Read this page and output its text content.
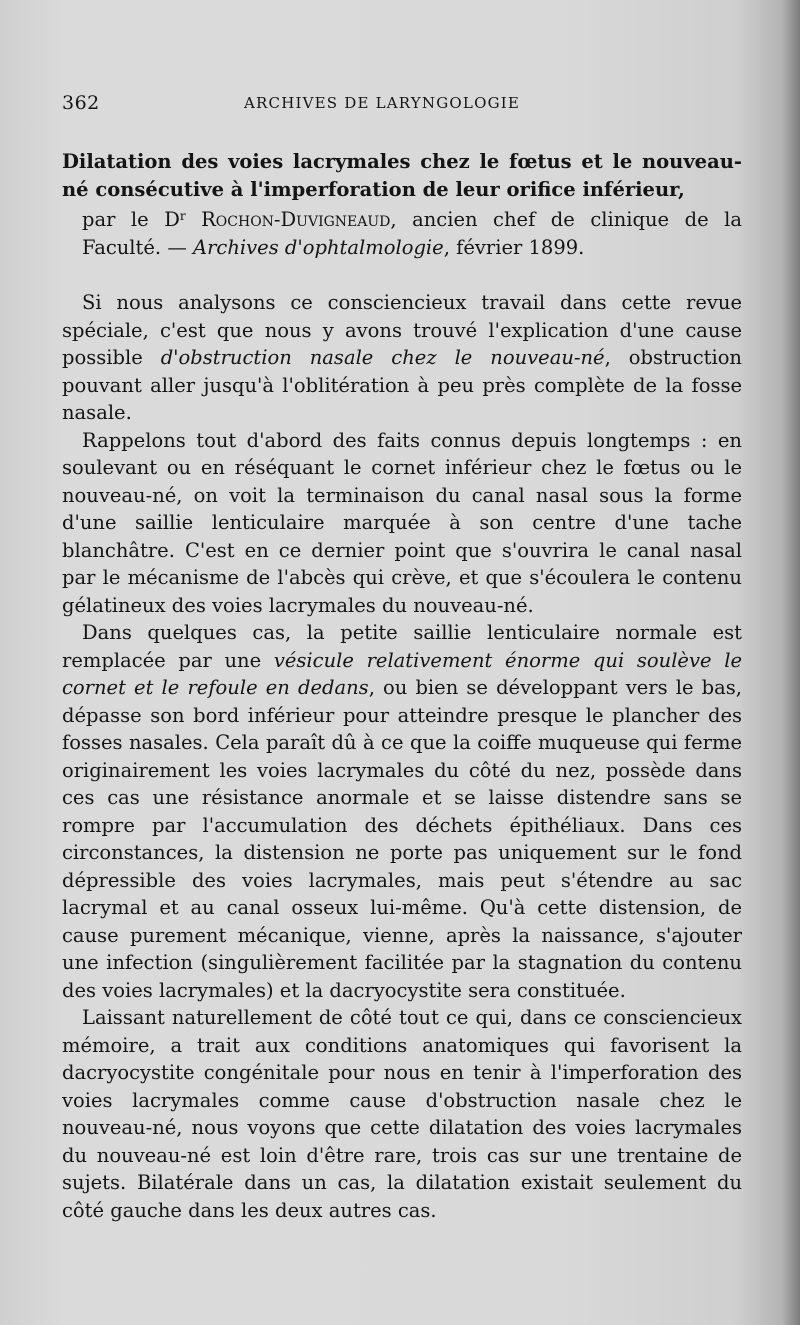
362	ARCHIVES DE LARYNGOLOGIE

Dilatation des voies lacrymales chez le fœtus et le nouveau-né consécutive à l'imperforation de leur orifice inférieur,

par le $D^r$ Rochon-Duvigneaud, ancien chef de clinique de la Faculté. — Archives d'ophtalmologie, février 1899.

Si nous analysons ce consciencieux travail dans cette revue spéciale, c'est que nous y avons trouvé l'explication d'une cause possible d'obstruction nasale chez le nouveau-né, obstruction pouvant aller jusqu'à l'oblitération à peu près complète de la fosse nasale.

Rappelons tout d'abord des faits connus depuis longtemps : en soulevant ou en réséquant le cornet inférieur chez le fœtus ou le nouveau-né, on voit la terminaison du canal nasal sous la forme d'une saillie lenticulaire marquée à son centre d'une tache blanchâtre. C'est en ce dernier point que s'ouvrira le canal nasal par le mécanisme de l'abcès qui crève, et que s'écoulera le contenu gélatineux des voies lacrymales du nouveau-né.

Dans quelques cas, la petite saillie lenticulaire normale est remplacée par une vésicule relativement énorme qui soulève le cornet et le refoule en dedans, ou bien se développant vers le bas, dépasse son bord inférieur pour atteindre presque le plancher des fosses nasales. Cela paraît dû à ce que la coiffe muqueuse qui ferme originairement les voies lacrymales du côté du nez, possède dans ces cas une résistance anormale et se laisse distendre sans se rompre par l'accumulation des déchets épithéliaux. Dans ces circonstances, la distension ne porte pas uniquement sur le fond dépressible des voies lacrymales, mais peut s'étendre au sac lacrymal et au canal osseux lui-même. Qu'à cette distension, de cause purement mécanique, vienne, après la naissance, s'ajouter une infection (singulièrement facilitée par la stagnation du contenu des voies lacrymales) et la dacryocystite sera constituée.

Laissant naturellement de côté tout ce qui, dans ce consciencieux mémoire, a trait aux conditions anatomiques qui favorisent la dacryocystite congénitale pour nous en tenir à l'imperforation des voies lacrymales comme cause d'obstruction nasale chez le nouveau-né, nous voyons que cette dilatation des voies lacrymales du nouveau-né est loin d'être rare, trois cas sur une trentaine de sujets. Bilatérale dans un cas, la dilatation existait seulement du côté gauche dans les deux autres cas.
